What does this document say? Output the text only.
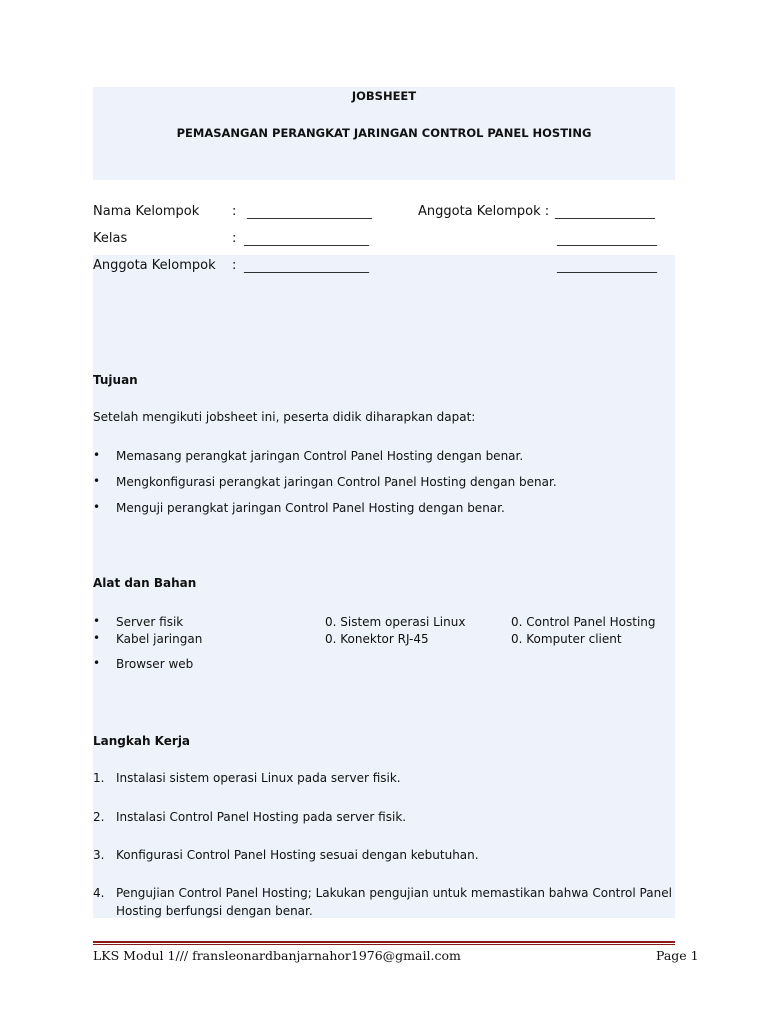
JOBSHEET
PEMASANGAN PERANGKAT JARINGAN CONTROL PANEL HOSTING
Nama Kelompok	: ____________________	Anggota Kelompok : ________________
Kelas	: ____________________	________________
Anggota Kelompok : ____________________	________________
Tujuan
Setelah mengikuti jobsheet ini, peserta didik diharapkan dapat:
• Memasang perangkat jaringan Control Panel Hosting dengan benar.
• Mengkonfigurasi perangkat jaringan Control Panel Hosting dengan benar.
• Menguji perangkat jaringan Control Panel Hosting dengan benar.
Alat dan Bahan
• Server fisik	0. Sistem operasi Linux	0. Control Panel Hosting
• Kabel jaringan	0. Konektor RJ-45	0. Komputer client
• Browser web
Langkah Kerja
1. Instalasi sistem operasi Linux pada server fisik.
2. Instalasi Control Panel Hosting pada server fisik.
3. Konfigurasi Control Panel Hosting sesuai dengan kebutuhan.
4. Pengujian Control Panel Hosting; Lakukan pengujian untuk memastikan bahwa Control Panel
Hosting berfungsi dengan benar.
LKS Modul 1/// fransleonardbanjarnahor1976@gmail.com	Page 1
